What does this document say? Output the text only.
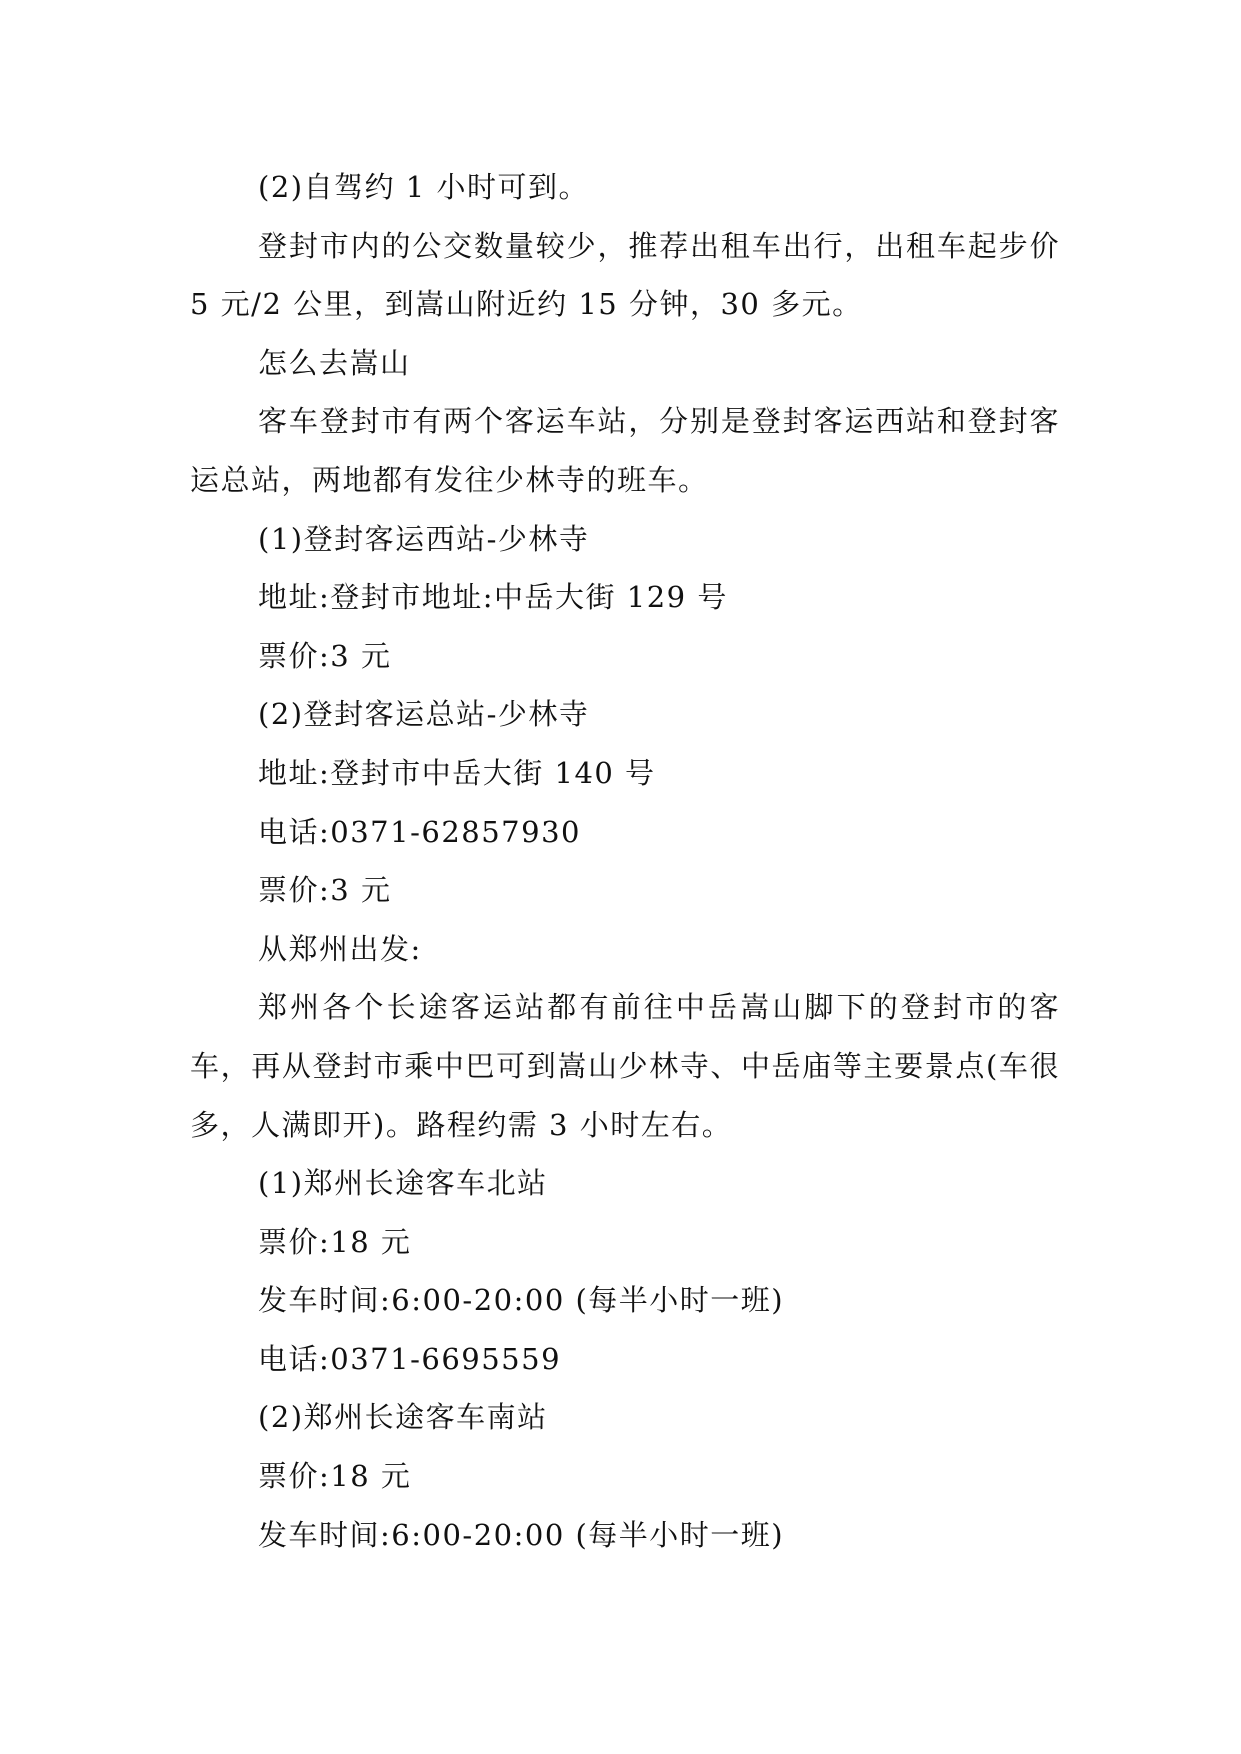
(2)自驾约 1 小时可到。

登封市内的公交数量较少，推荐出租车出行，出租车起步价 5 元/2 公里，到嵩山附近约 15 分钟，30 多元。

怎么去嵩山

客车登封市有两个客运车站，分别是登封客运西站和登封客运总站，两地都有发往少林寺的班车。

(1)登封客运西站-少林寺

地址:登封市地址:中岳大街 129 号

票价:3 元

(2)登封客运总站-少林寺

地址:登封市中岳大街 140 号

电话:0371-62857930

票价:3 元

从郑州出发:

郑州各个长途客运站都有前往中岳嵩山脚下的登封市的客车，再从登封市乘中巴可到嵩山少林寺、中岳庙等主要景点(车很多，人满即开)。路程约需 3 小时左右。

(1)郑州长途客车北站

票价:18 元

发车时间:6:00-20:00 (每半小时一班)

电话:0371-6695559

(2)郑州长途客车南站

票价:18 元

发车时间:6:00-20:00 (每半小时一班)
